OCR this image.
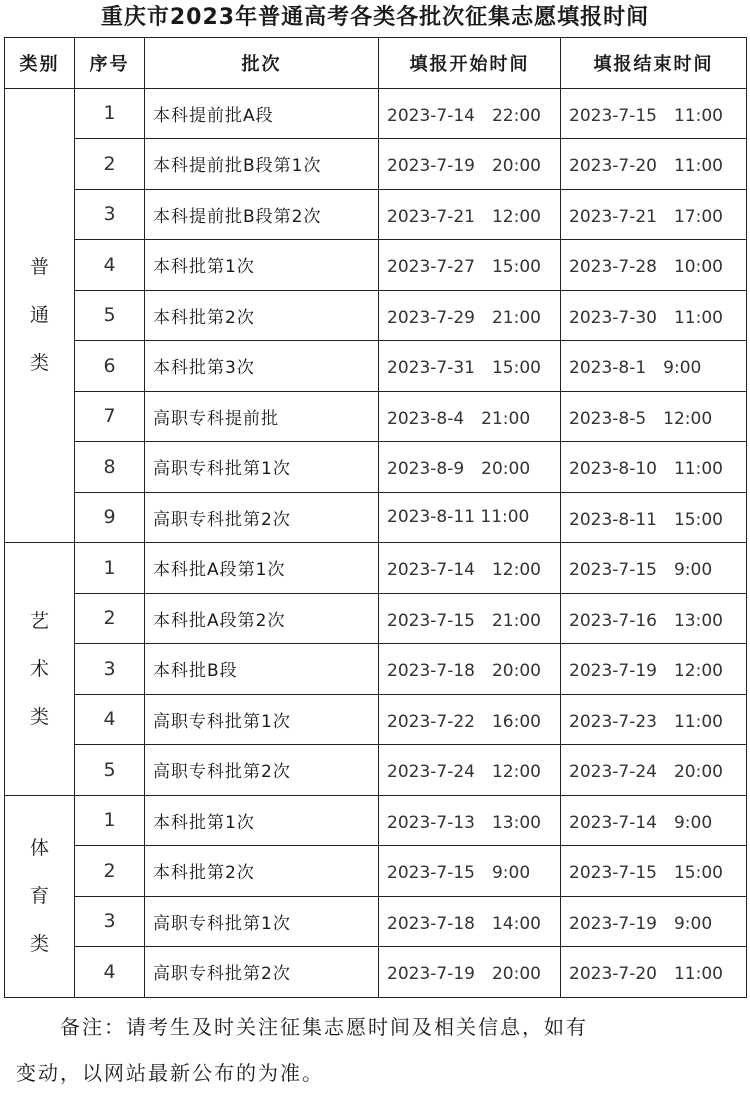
重庆市2023年普通高考各类各批次征集志愿填报时间
类别	序号	批次	填报开始时间	填报结束时间

普
通
类	1	本科提前批A段	2023-7-14　22:00	2023-7-15　11:00
	2	本科提前批B段第1次	2023-7-19　20:00	2023-7-20　11:00
	3	本科提前批B段第2次	2023-7-21　12:00	2023-7-21　17:00
	4	本科批第1次	2023-7-27　15:00	2023-7-28　10:00
	5	本科批第2次	2023-7-29　21:00	2023-7-30　11:00
	6	本科批第3次	2023-7-31　15:00	2023-8-1　9:00
	7	高职专科提前批	2023-8-4　21:00	2023-8-5　12:00
	8	高职专科批第1次	2023-8-9　20:00	2023-8-10　11:00
	9	高职专科批第2次	2023-8-11 11:00	2023-8-11　15:00

艺
术
类	1	本科批A段第1次	2023-7-14　12:00	2023-7-15　9:00
	2	本科批A段第2次	2023-7-15　21:00	2023-7-16　13:00
	3	本科批B段	2023-7-18　20:00	2023-7-19　12:00
	4	高职专科批第1次	2023-7-22　16:00	2023-7-23　11:00
	5	高职专科批第2次	2023-7-24　12:00	2023-7-24　20:00

体
育
类	1	本科批第1次	2023-7-13　13:00	2023-7-14　9:00
	2	本科批第2次	2023-7-15　9:00	2023-7-15　15:00
	3	高职专科批第1次	2023-7-18　14:00	2023-7-19　9:00
	4	高职专科批第2次	2023-7-19　20:00	2023-7-20　11:00
备注：请考生及时关注征集志愿时间及相关信息，如有
变动，以网站最新公布的为准。
